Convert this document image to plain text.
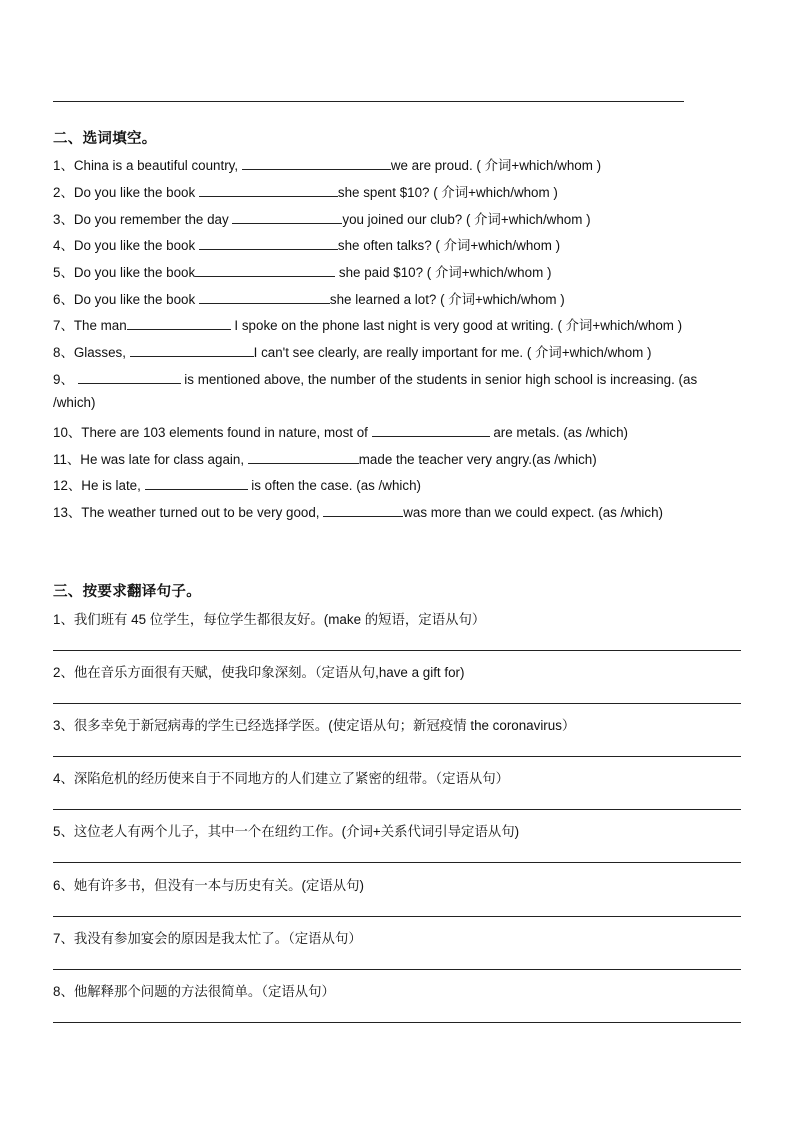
二、选词填空。
1、China is a beautiful country,	we are proud. ( 介词+which/whom )
2、Do you like the book	she spent $10? ( 介词+which/whom )
3、Do you remember the day	you joined our club? ( 介词+which/whom )
4、Do you like the book	she often talks? ( 介词+which/whom )
5、Do you like the book	she paid $10? ( 介词+which/whom )
6、Do you like the book	she learned a lot? ( 介词+which/whom )
7、The man	I spoke on the phone last night is very good at writing. ( 介词+which/whom )
8、Glasses,	I can't see clearly, are really important for me. ( 介词+which/whom )
9、	is mentioned above, the number of the students in senior high school is increasing. (as
/which)
10、There are 103 elements found in nature, most of	are metals. (as /which)
11、He was late for class again,	made the teacher very angry.(as /which)
12、He is late,	is often the case. (as /which)
13、The weather turned out to be very good,	was more than we could expect. (as /which)
三、按要求翻译句子。
1、我们班有 45 位学生，每位学生都很友好。(make 的短语，定语从句）
2、他在音乐方面很有天赋，使我印象深刻。（定语从句,have a gift for)
3、很多幸免于新冠病毒的学生已经选择学医。(使定语从句；新冠疫情 the coronavirus）
4、深陷危机的经历使来自于不同地方的人们建立了紧密的纽带。（定语从句）
5、这位老人有两个儿子，其中一个在纽约工作。(介词+关系代词引导定语从句)
6、她有许多书，但没有一本与历史有关。(定语从句)
7、我没有参加宴会的原因是我太忙了。（定语从句）
8、他解释那个问题的方法很简单。（定语从句）
